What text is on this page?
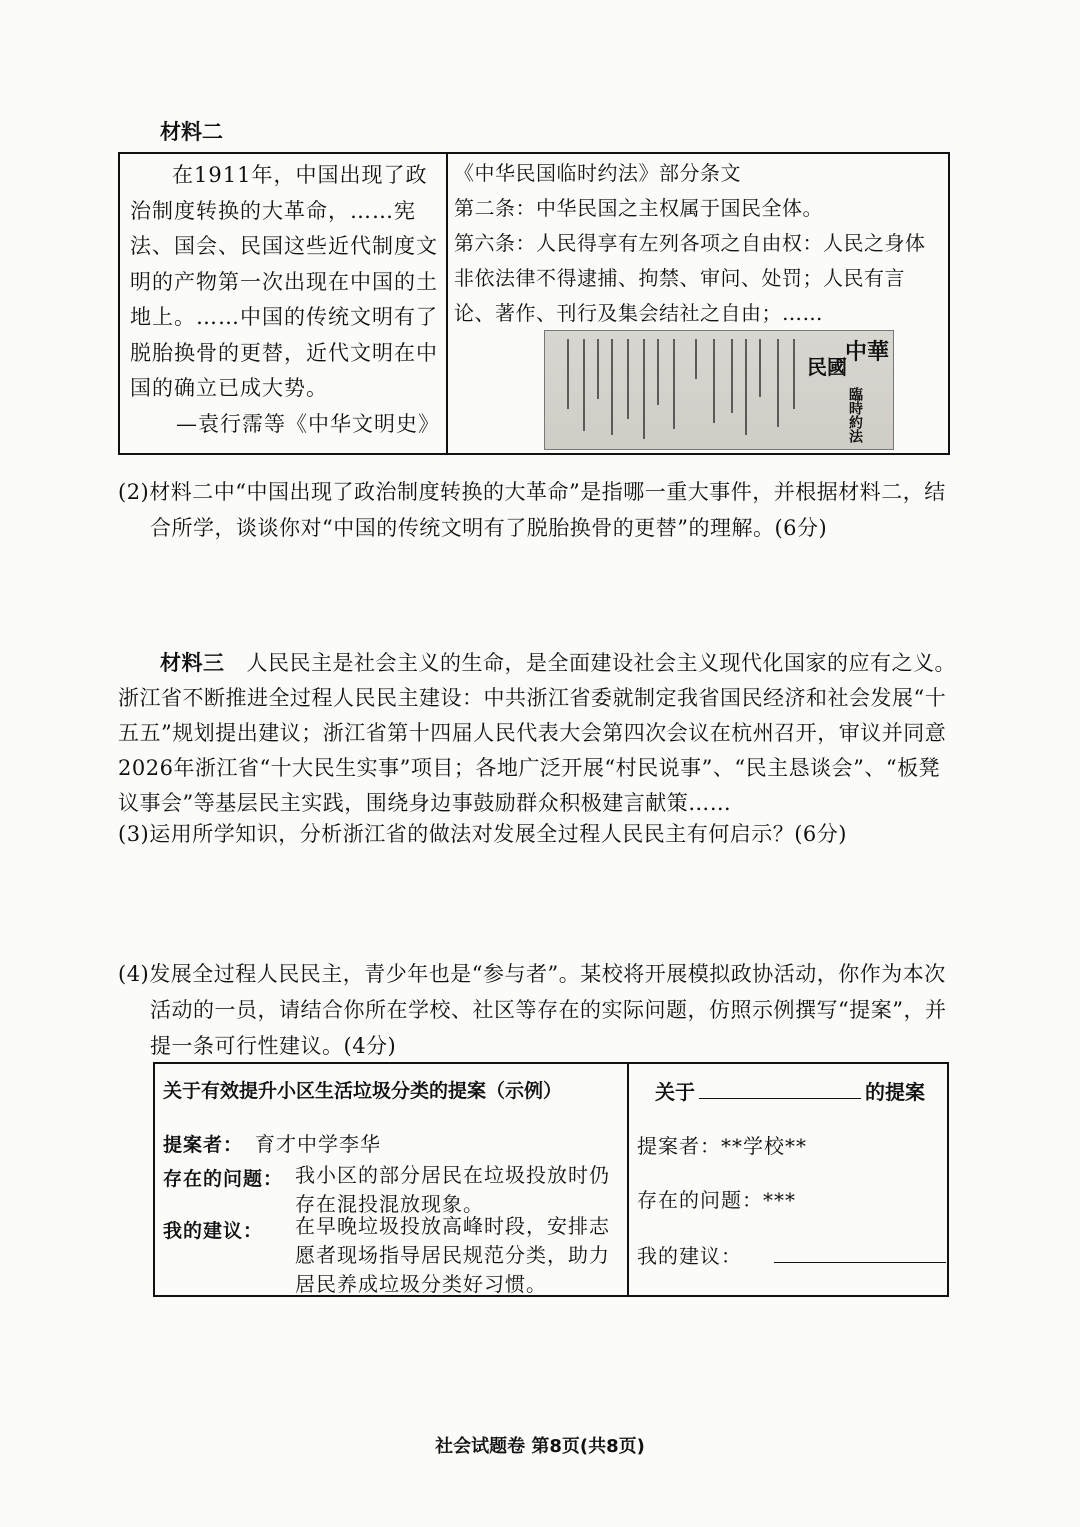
材料二

在1911年，中国出现了政治制度转换的大革命，……宪法、国会、民国这些近代制度文明的产物第一次出现在中国的土地上。……中国的传统文明有了脱胎换骨的更替，近代文明在中国的确立已成大势。

—袁行霈等《中华文明史》

《中华民国临时约法》部分条文

第二条：中华民国之主权属于国民全体。

第六条：人民得享有左列各项之自由权：人民之身体非依法律不得逮捕、拘禁、审问、处罚；人民有言论、著作、刊行及集会结社之自由；……

中華
民國
臨時約法

(2)材料二中“中国出现了政治制度转换的大革命”是指哪一重大事件，并根据材料二，结合所学，谈谈你对“中国的传统文明有了脱胎换骨的更替”的理解。(6分)

材料三 人民民主是社会主义的生命，是全面建设社会主义现代化国家的应有之义。浙江省不断推进全过程人民民主建设：中共浙江省委就制定我省国民经济和社会发展“十五五”规划提出建议；浙江省第十四届人民代表大会第四次会议在杭州召开，审议并同意2026年浙江省“十大民生实事”项目；各地广泛开展“村民说事”、“民主恳谈会”、“板凳议事会”等基层民主实践，围绕身边事鼓励群众积极建言献策……

(3)运用所学知识，分析浙江省的做法对发展全过程人民民主有何启示？(6分)

(4)发展全过程人民民主，青少年也是“参与者”。某校将开展模拟政协活动，你作为本次活动的一员，请结合你所在学校、社区等存在的实际问题，仿照示例撰写“提案”，并提一条可行性建议。(4分)

关于有效提升小区生活垃圾分类的提案（示例）
提案者： 育才中学李华
存在的问题： 我小区的部分居民在垃圾投放时仍存在混投混放现象。
我的建议： 在早晚垃圾投放高峰时段，安排志愿者现场指导居民规范分类，助力居民养成垃圾分类好习惯。
关于	的提案
提案者：**学校**
存在的问题：***
我的建议：
社会试题卷 第8页(共8页)
